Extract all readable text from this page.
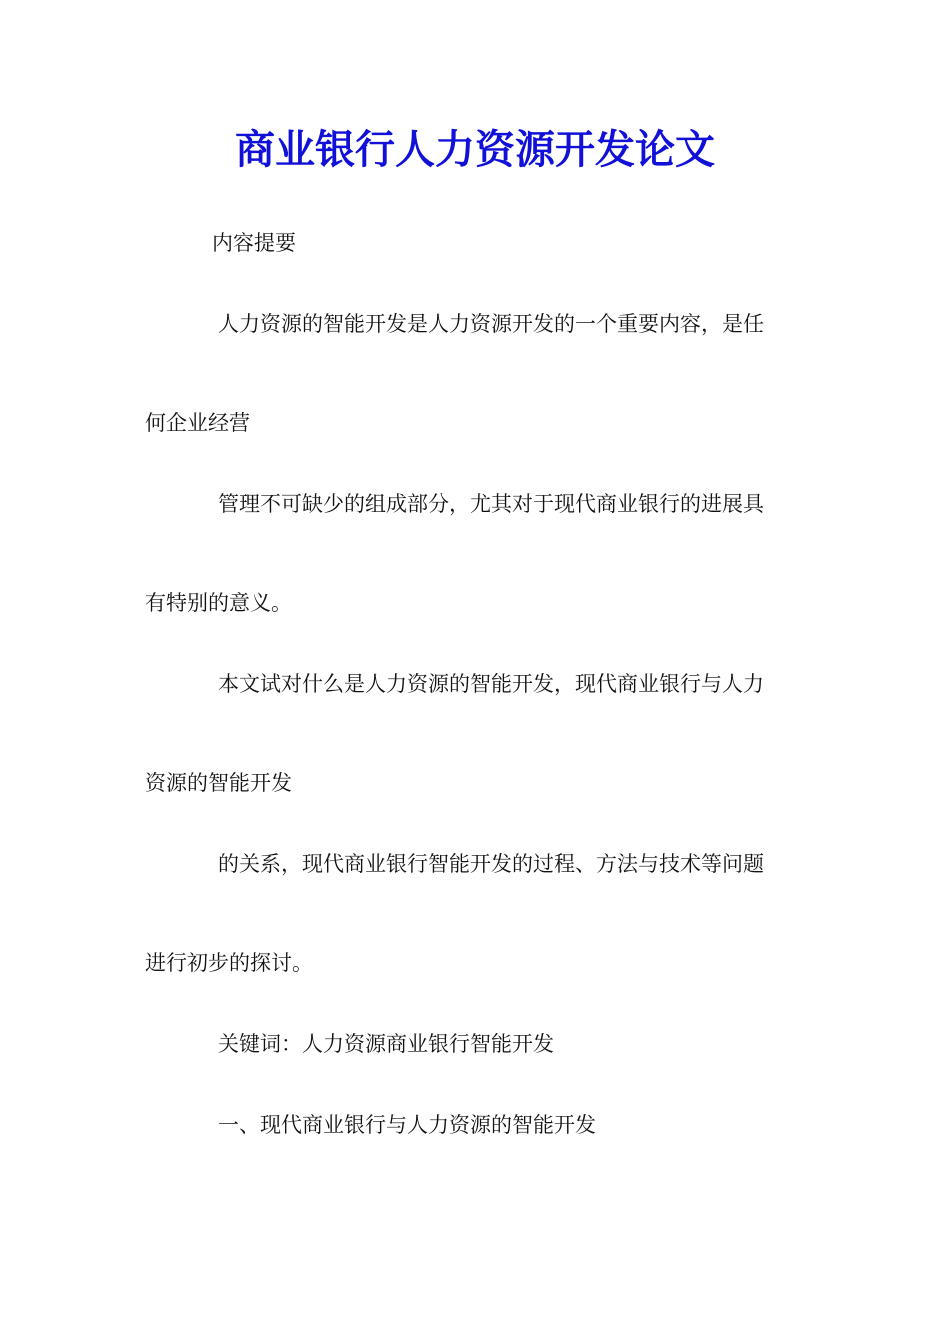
商业银行人力资源开发论文
内容提要
人力资源的智能开发是人力资源开发的一个重要内容，是任
何企业经营
管理不可缺少的组成部分，尤其对于现代商业银行的进展具
有特别的意义。
本文试对什么是人力资源的智能开发，现代商业银行与人力
资源的智能开发
的关系，现代商业银行智能开发的过程、方法与技术等问题
进行初步的探讨。
关键词：人力资源商业银行智能开发
一、现代商业银行与人力资源的智能开发
